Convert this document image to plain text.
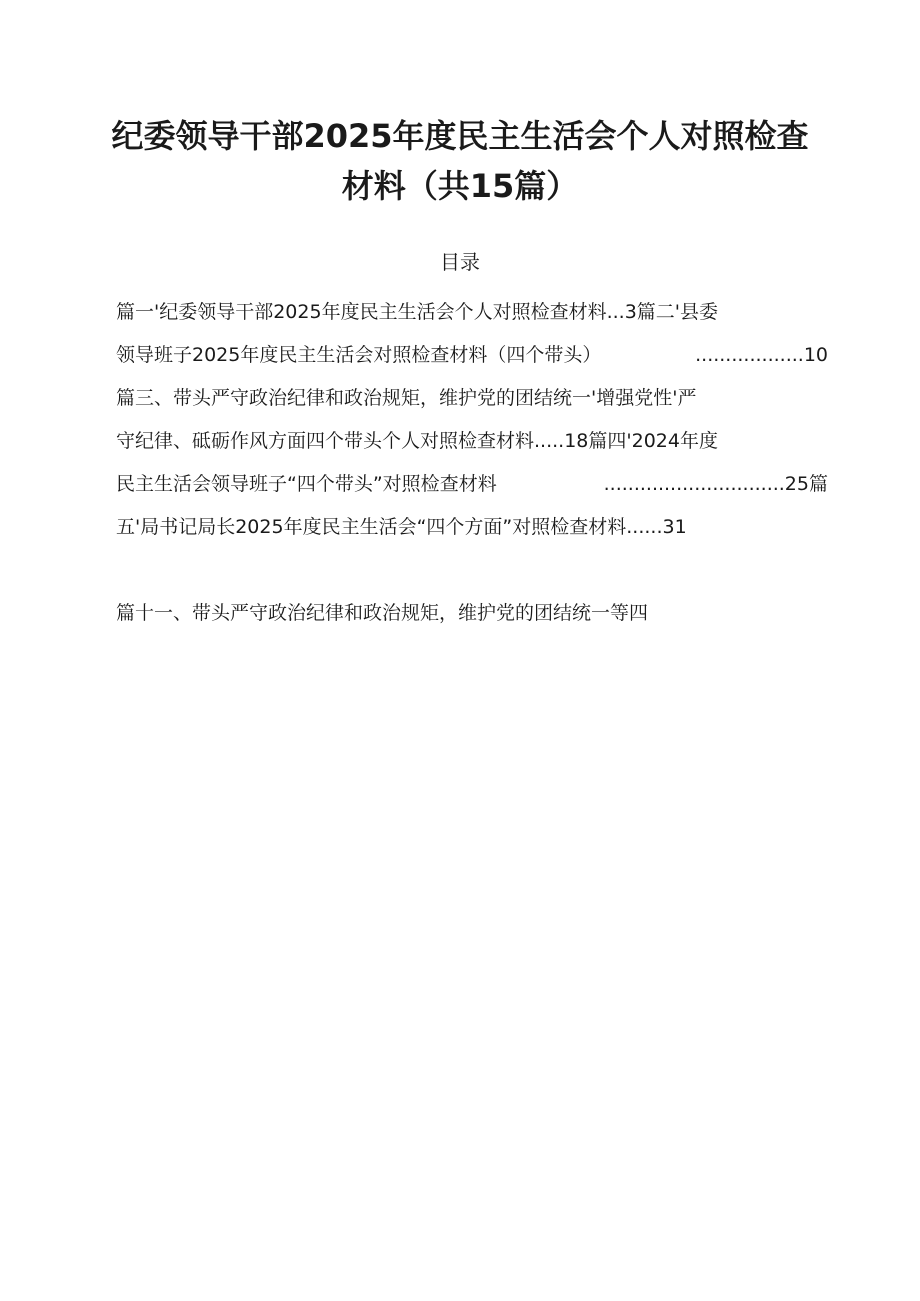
纪委领导干部2025年度民主生活会个人对照检查
材料（共15篇）
目录
篇一'纪委领导干部2025年度民主生活会个人对照检查材料...3篇二'县委
领导班子2025年度民主生活会对照检查材料（四个带头）	..................10
篇三、带头严守政治纪律和政治规矩，维护党的团结统一'增强党性'严
守纪律、砥砺作风方面四个带头个人对照检查材料.....18篇四'2024年度
民主生活会领导班子“四个带头”对照检查材料	..............................25篇
五'局书记局长2025年度民主生活会“四个方面”对照检查材料......31
篇十一、带头严守政治纪律和政治规矩，维护党的团结统一等四
